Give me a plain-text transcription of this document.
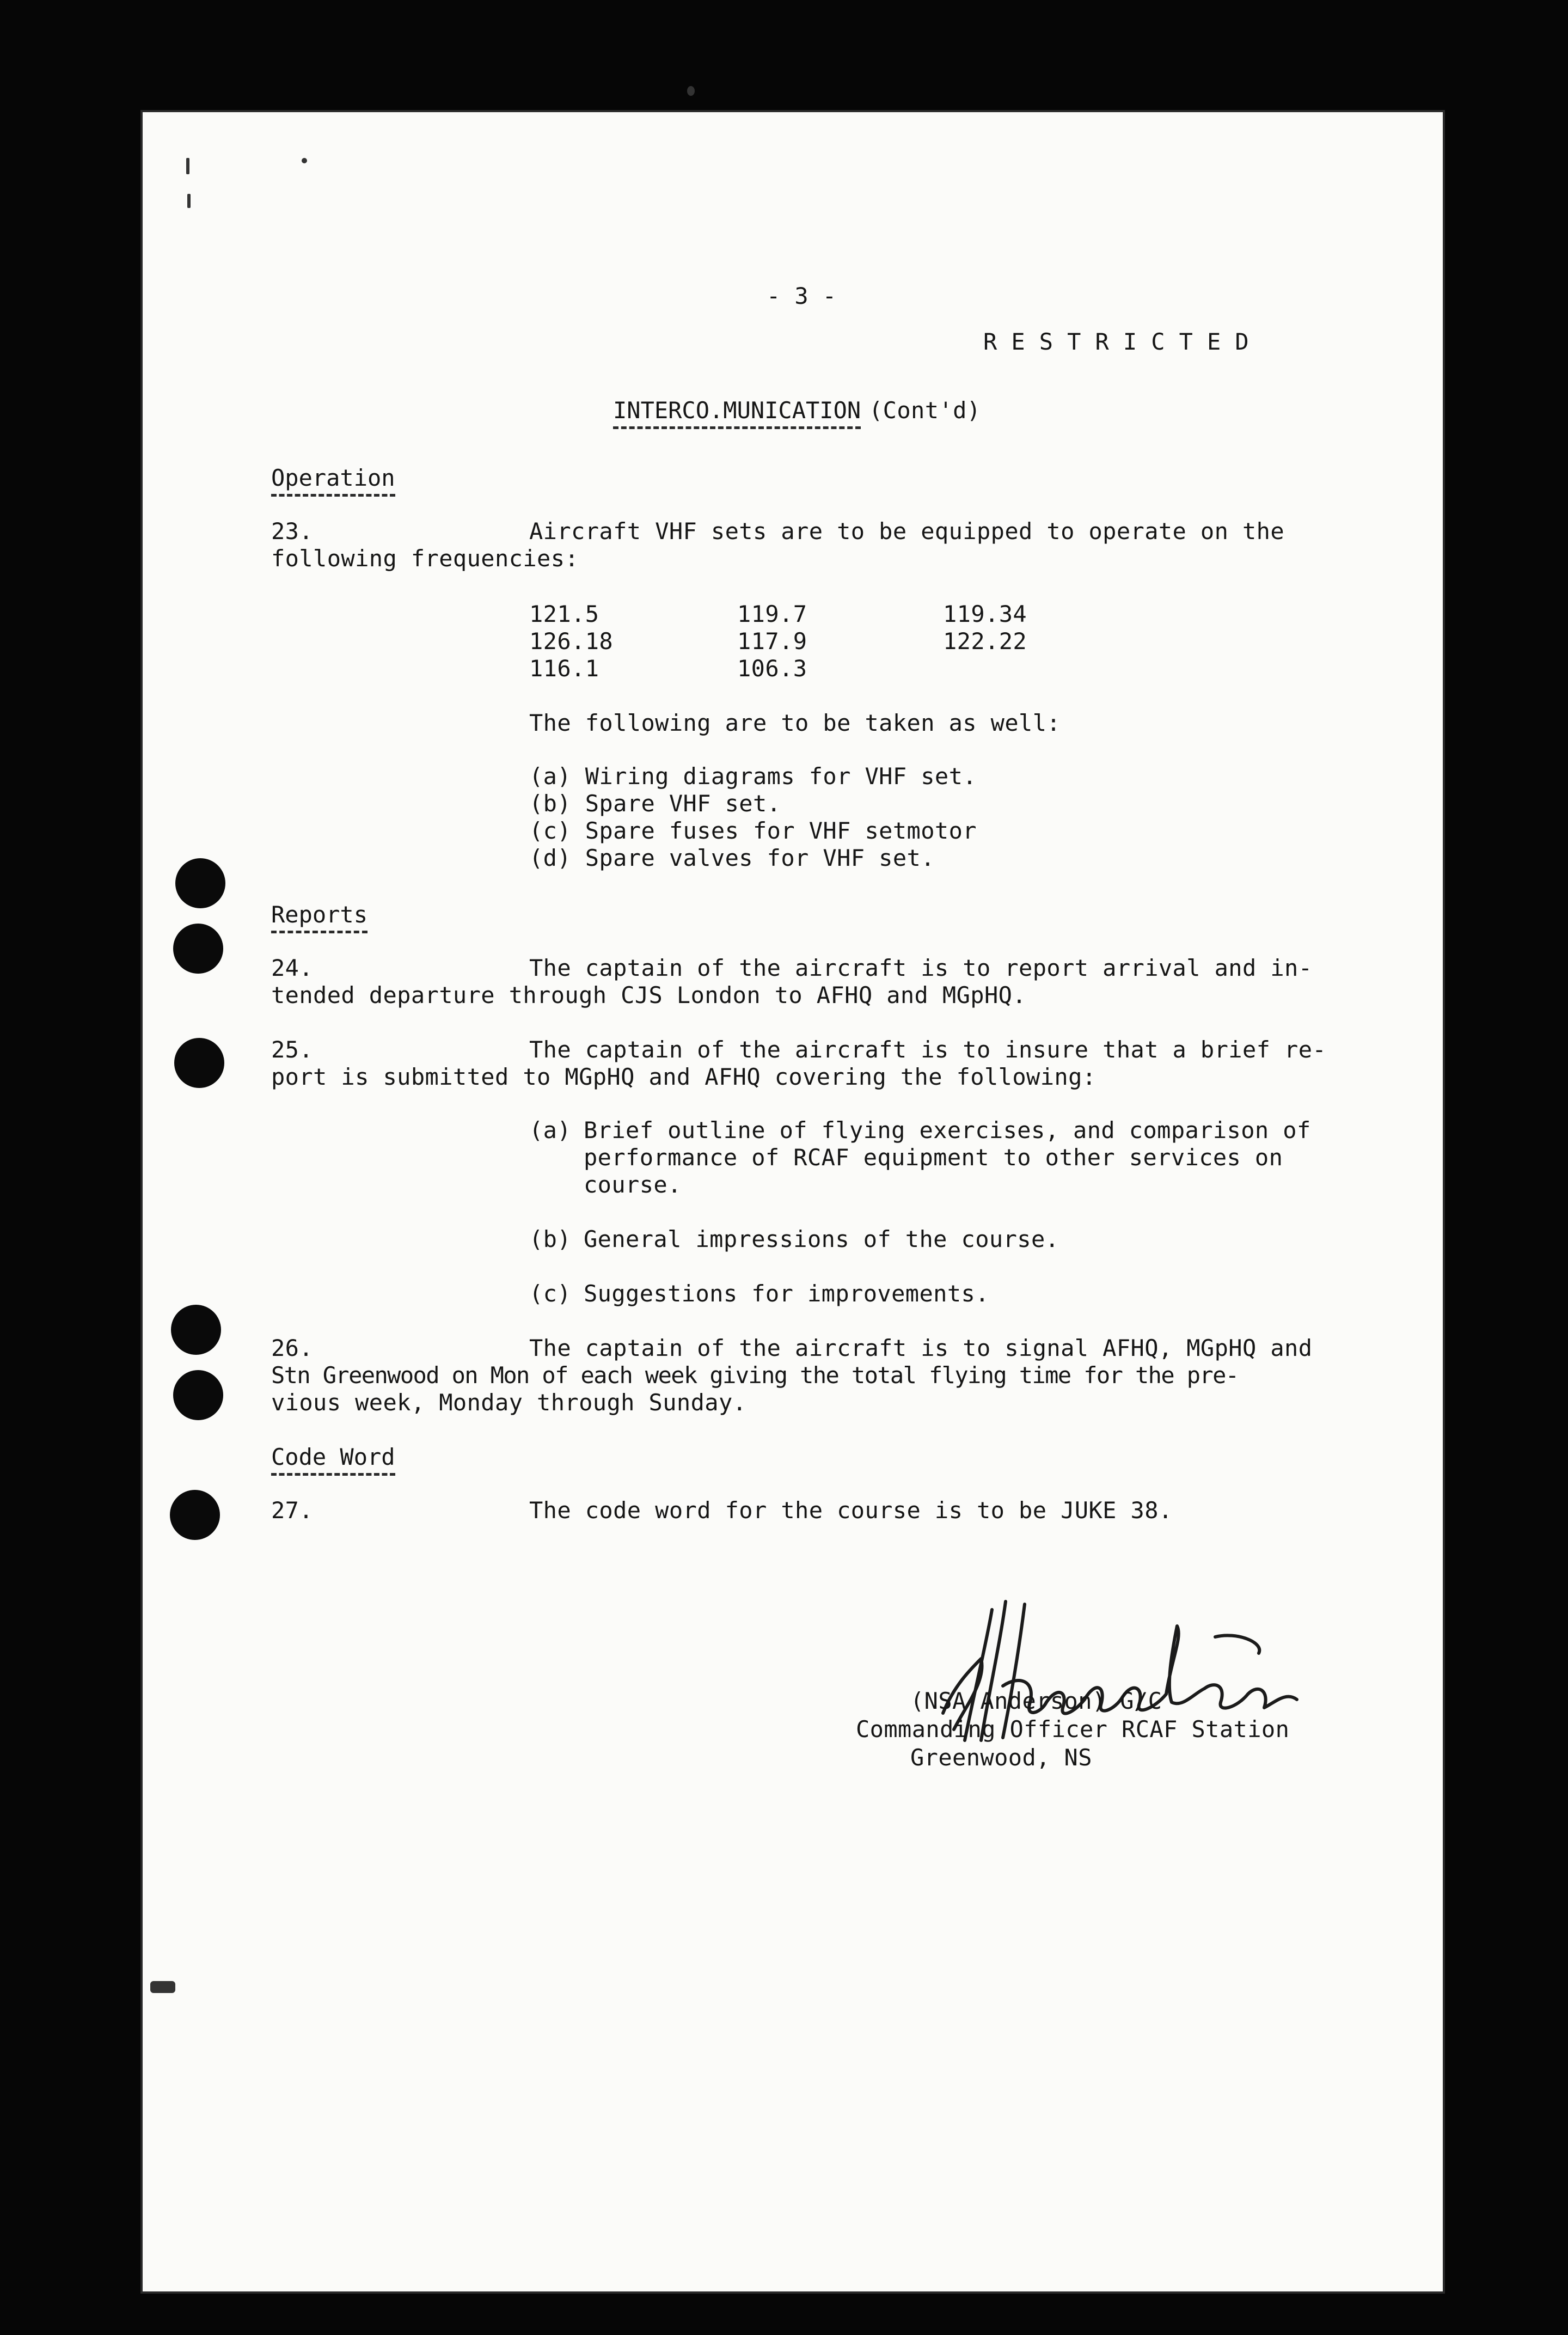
- 3 -
R E S T R I C T E D
INTERCO.MUNICATION (Cont'd)
Operation
23.	Aircraft VHF sets are to be equipped to operate on the
following frequencies:
121.5	119.7	119.34
126.18	117.9	122.22
116.1	106.3
The following are to be taken as well:
(a) Wiring diagrams for VHF set.
(b) Spare VHF set.
(c) Spare fuses for VHF setmotor
(d) Spare valves for VHF set.
Reports
24.	The captain of the aircraft is to report arrival and in-
tended departure through CJS London to AFHQ and MGpHQ.
25.	The captain of the aircraft is to insure that a brief re-
port is submitted to MGpHQ and AFHQ covering the following:
(a) Brief outline of flying exercises, and comparison of
performance of RCAF equipment to other services on
course.
(b) General impressions of the course.
(c) Suggestions for improvements.
26.	The captain of the aircraft is to signal AFHQ, MGpHQ and
Stn Greenwood on Mon of each week giving the total flying time for the pre-
vious week, Monday through Sunday.
Code Word
27.	The code word for the course is to be JUKE 38.
(NSA Anderson) G/C
Commanding Officer RCAF Station
Greenwood, NS
